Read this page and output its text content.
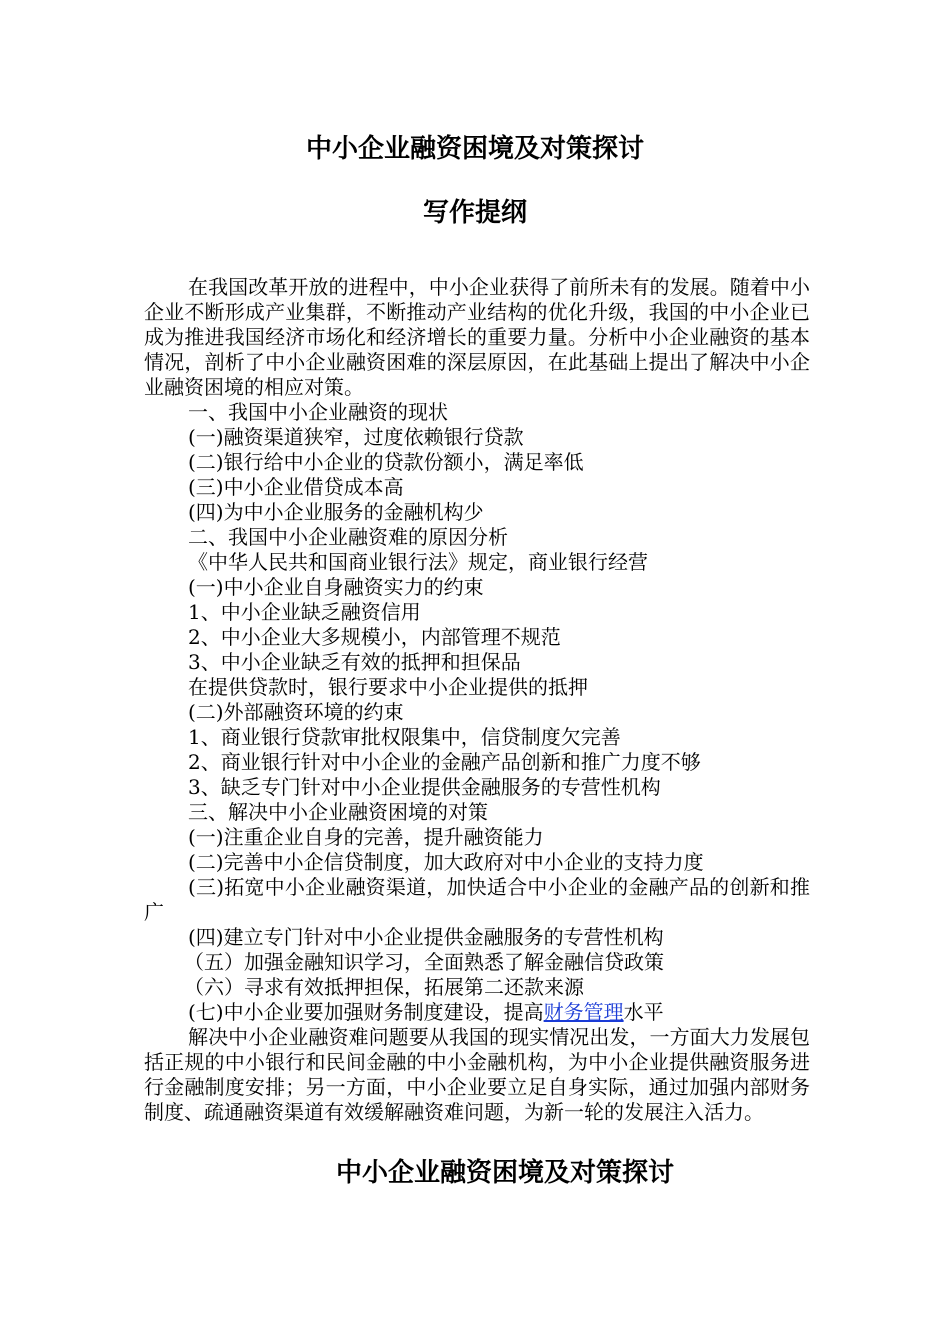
中小企业融资困境及对策探讨
写作提纲

在我国改革开放的进程中，中小企业获得了前所未有的发展。随着中小企业不断形成产业集群，不断推动产业结构的优化升级，我国的中小企业已成为推进我国经济市场化和经济增长的重要力量。分析中小企业融资的基本情况，剖析了中小企业融资困难的深层原因，在此基础上提出了解决中小企业融资困境的相应对策。

一、我国中小企业融资的现状

(一)融资渠道狭窄，过度依赖银行贷款

(二)银行给中小企业的贷款份额小，满足率低

(三)中小企业借贷成本高

(四)为中小企业服务的金融机构少

二、我国中小企业融资难的原因分析

《中华人民共和国商业银行法》规定，商业银行经营

(一)中小企业自身融资实力的约束

1、中小企业缺乏融资信用

2、中小企业大多规模小，内部管理不规范

3、中小企业缺乏有效的抵押和担保品

在提供贷款时，银行要求中小企业提供的抵押

(二)外部融资环境的约束

1、商业银行贷款审批权限集中，信贷制度欠完善

2、商业银行针对中小企业的金融产品创新和推广力度不够

3、缺乏专门针对中小企业提供金融服务的专营性机构

三、解决中小企业融资困境的对策

(一)注重企业自身的完善，提升融资能力

(二)完善中小企信贷制度，加大政府对中小企业的支持力度

(三)拓宽中小企业融资渠道，加快适合中小企业的金融产品的创新和推广

(四)建立专门针对中小企业提供金融服务的专营性机构

（五）加强金融知识学习，全面熟悉了解金融信贷政策

（六）寻求有效抵押担保，拓展第二还款来源

(七)中小企业要加强财务制度建设，提高财务管理水平

解决中小企业融资难问题要从我国的现实情况出发，一方面大力发展包括正规的中小银行和民间金融的中小金融机构，为中小企业提供融资服务进行金融制度安排；另一方面，中小企业要立足自身实际，通过加强内部财务制度、疏通融资渠道有效缓解融资难问题，为新一轮的发展注入活力。

中小企业融资困境及对策探讨
